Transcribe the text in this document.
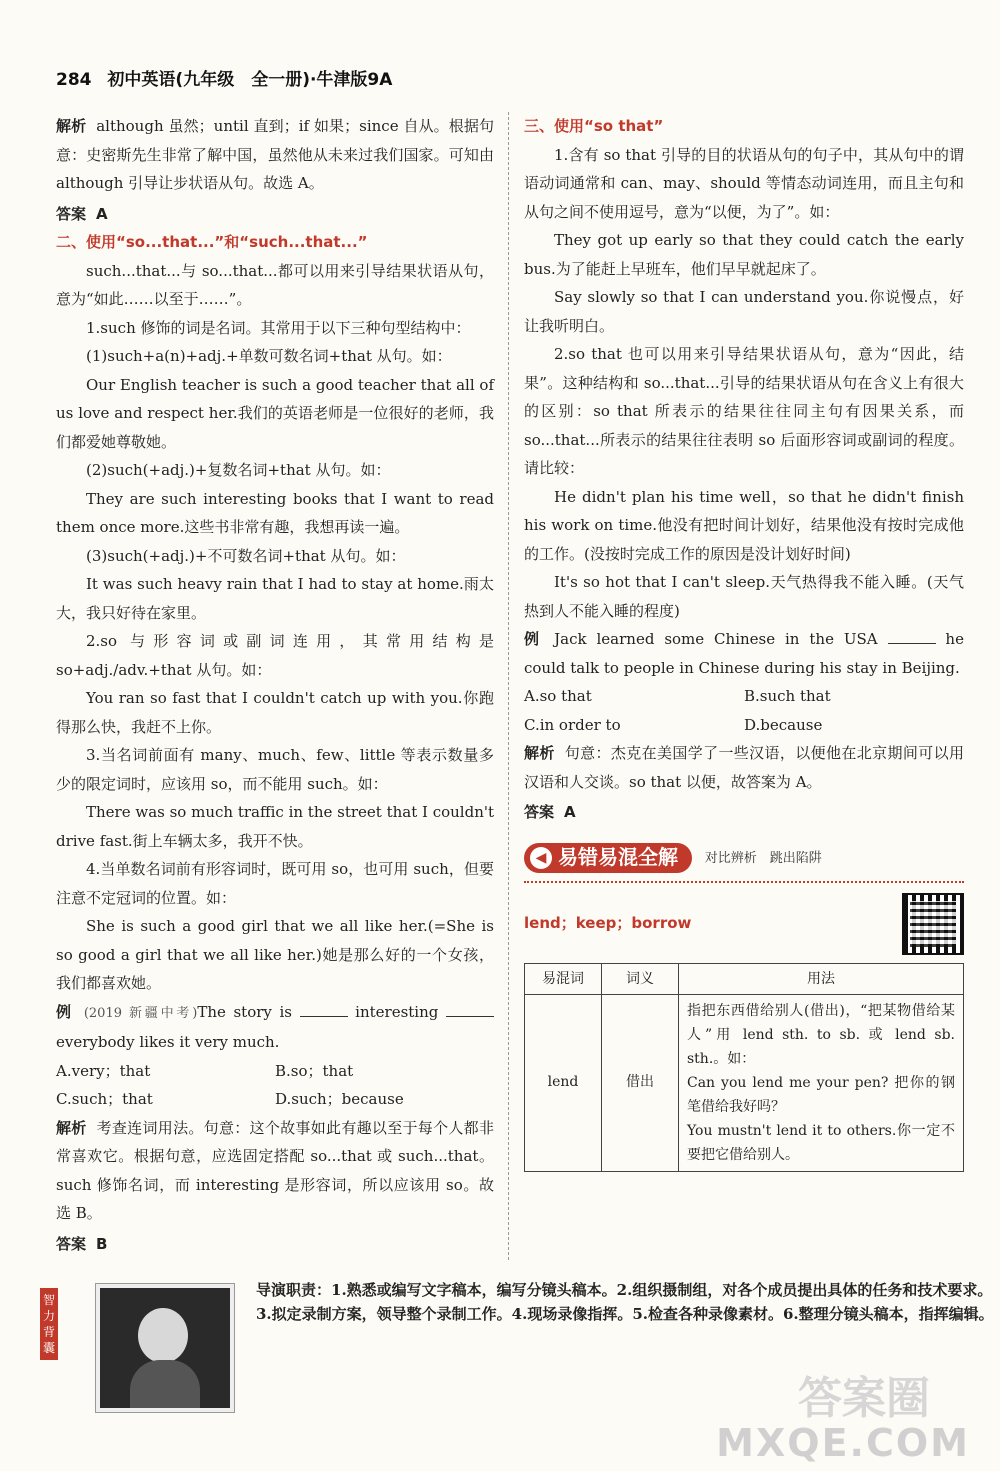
284 初中英语(九年级　全一册)·牛津版9A

解析 although 虽然；until 直到；if 如果；since 自从。根据句意：史密斯先生非常了解中国，虽然他从未来过我们国家。可知由 although 引导让步状语从句。故选 A。

答案 A

二、使用“so...that...”和“such...that...”

such...that...与 so...that...都可以用来引导结果状语从句，意为“如此……以至于……”。

1.such 修饰的词是名词。其常用于以下三种句型结构中：

(1)such+a(n)+adj.+单数可数名词+that 从句。如：

Our English teacher is such a good teacher that all of us love and respect her.我们的英语老师是一位很好的老师，我们都爱她尊敬她。

(2)such(+adj.)+复数名词+that 从句。如：

They are such interesting books that I want to read them once more.这些书非常有趣，我想再读一遍。

(3)such(+adj.)+不可数名词+that 从句。如：

It was such heavy rain that I had to stay at home.雨太大，我只好待在家里。

2.so 与形容词或副词连用，其常用结构是so+adj./adv.+that 从句。如：

You ran so fast that I couldn't catch up with you.你跑得那么快，我赶不上你。

3.当名词前面有 many、much、few、little 等表示数量多少的限定词时，应该用 so，而不能用 such。如：

There was so much traffic in the street that I couldn't drive fast.街上车辆太多，我开不快。

4.当单数名词前有形容词时，既可用 so，也可用 such，但要注意不定冠词的位置。如：

She is such a good girl that we all like her.(=She is so good a girl that we all like her.)她是那么好的一个女孩，我们都喜欢她。

例 (2019 新疆中考)The story is	interesting  everybody likes it very much.

A.very；that	B.so；that
C.such；that	D.such；because

解析 考查连词用法。句意：这个故事如此有趣以至于每个人都非常喜欢它。根据句意，应选固定搭配 so...that 或 such...that。such 修饰名词，而 interesting 是形容词，所以应该用 so。故选 B。

答案 B

三、使用“so that”

1.含有 so that 引导的目的状语从句的句子中，其从句中的谓语动词通常和 can、may、should 等情态动词连用，而且主句和从句之间不使用逗号，意为“以便，为了”。如：

They got up early so that they could catch the early bus.为了能赶上早班车，他们早早就起床了。

Say slowly so that I can understand you.你说慢点，好让我听明白。

2.so that 也可以用来引导结果状语从句，意为“因此，结果”。这种结构和 so...that...引导的结果状语从句在含义上有很大的区别：so that 所表示的结果往往同主句有因果关系，而 so...that...所表示的结果往往表明 so 后面形容词或副词的程度。请比较：

He didn't plan his time well，so that he didn't finish his work on time.他没有把时间计划好，结果他没有按时完成他的工作。(没按时完成工作的原因是没计划好时间)

It's so hot that I can't sleep.天气热得我不能入睡。(天气热到人不能入睡的程度)

例 Jack learned some Chinese in the USA	he could talk to people in Chinese during his stay in Beijing.

A.so that	B.such that
C.in order to	D.because

解析 句意：杰克在美国学了一些汉语，以便他在北京期间可以用汉语和人交谈。so that 以便，故答案为 A。

答案 A

◀ 易错易混全解 对比辨析　跳出陷阱
lend；keep；borrow
易混词	词义	用法
lend	借出	指把东西借给别人(借出)，“把某物借给某人”用 lend sth. to sb. 或 lend sb. sth.。如：
Can you lend me your pen? 把你的钢笔借给我好吗？
You mustn't lend it to others.你一定不要把它借给别人。
智力背囊
导演职责：1.熟悉或编写文字稿本，编写分镜头稿本。2.组织摄制组，对各个成员提出具体的任务和技术要求。3.拟定录制方案，领导整个录制工作。4.现场录像指挥。5.检查各种录像素材。6.整理分镜头稿本，指挥编辑。
答案圈
MXQE.COM
